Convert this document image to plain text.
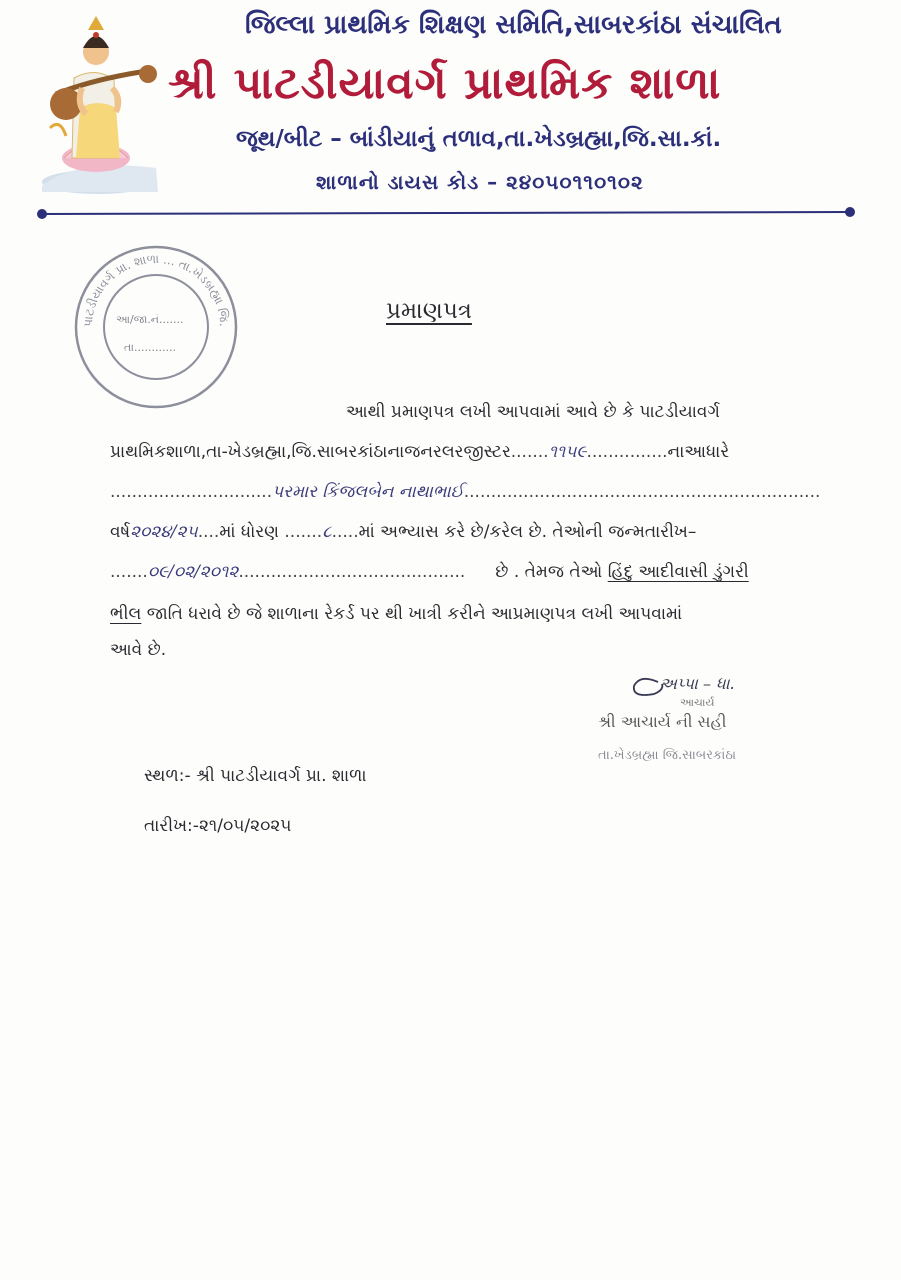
જિલ્લા પ્રાથમિક શિક્ષણ સમિતિ,સાબરકાંઠા સંચાલિત
શ્રી પાટડીયાવર્ગ પ્રાથમિક શાળા
જૂથ/બીટ – બાંડીયાનું તળાવ,તા.ખેડબ્રહ્મા,જિ.સા.કાં.
શાળાનો ડાયસ કોડ – ૨૪૦૫૦૧૧૦૧૦૨
પાટડીયાવર્ગ પ્રા. શાળા ... તા.ખેડબ્રહ્મા જિ.
આ/જા.નં.......
તા............
પ્રમાણપત્ર
આથી પ્રમાણપત્ર લખી આપવામાં આવે છે કે પાટડીયાવર્ગ
પ્રાથમિકશાળા,તા-ખેડબ્રહ્મા,જિ.સાબરકાંઠાનાજનરલરજીસ્ટર.......૧૧૫૯...............નાઆધારે
..............................પરમાર કિંજલબેન નાથાભાઈ..................................................................
વર્ષ૨૦૨૪/૨૫....માં ધોરણ .......૮.....માં અભ્યાસ કરે છે/કરેલ છે. તેઓની જન્મતારીખ–
.......૦૯/૦૨/૨૦૧૨.......................................... છે . તેમજ તેઓ હિંદુ આદીવાસી ડુંગરી
ભીલ જાતિ ધરાવે છે જે શાળાના રેકર્ડ પર થી ખાત્રી કરીને આપ્રમાણપત્ર લખી આપવામાં
આવે છે.
અપ્પા – ધા.
આચાર્ય
શ્રી આચાર્ય ની સહી
તા.ખેડબ્રહ્મા જિ.સાબરકાંઠા
સ્થળ:- શ્રી પાટડીયાવર્ગ પ્રા. શાળા
તારીખ:-૨૧/૦૫/૨૦૨૫
